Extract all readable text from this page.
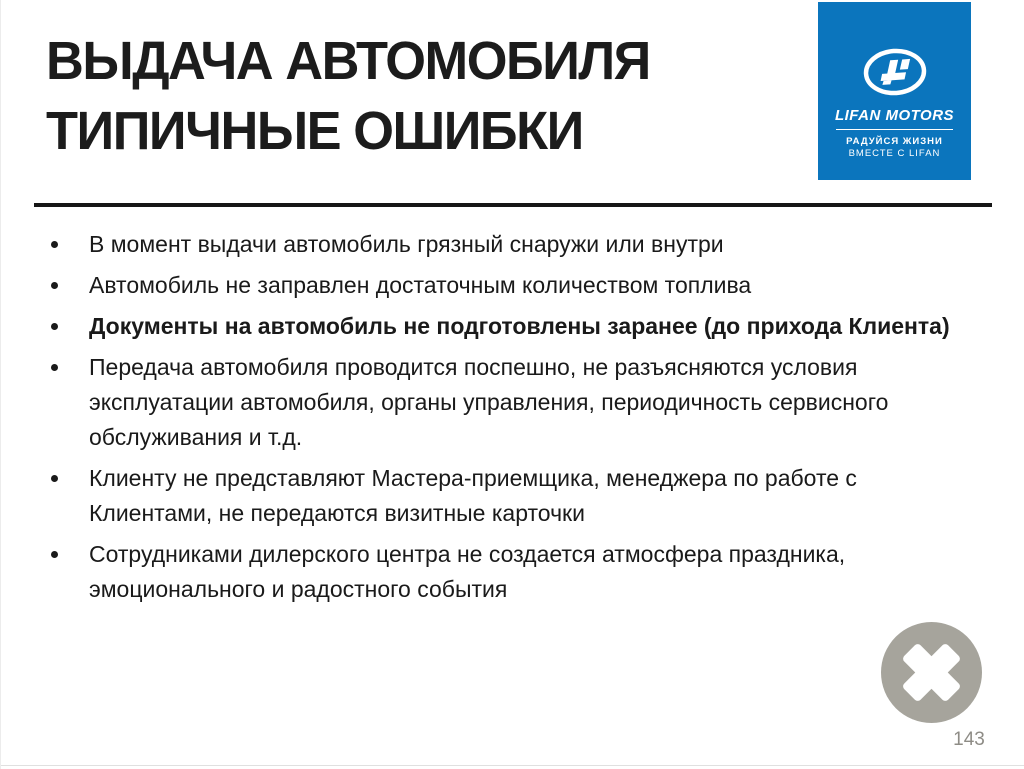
ВЫДАЧА АВТОМОБИЛЯ
ТИПИЧНЫЕ ОШИБКИ	LIFAN MOTORS
РАДУЙСЯ ЖИЗНИ
ВМЕСТЕ С LIFAN
В момент выдачи автомобиль грязный снаружи или внутри
Автомобиль не заправлен достаточным количеством топлива
Документы на автомобиль не подготовлены заранее (до прихода Клиента)
Передача автомобиля проводится поспешно, не разъясняются условия эксплуатации автомобиля, органы управления, периодичность сервисного обслуживания и т.д.
Клиенту не представляют Мастера-приемщика, менеджера по работе с Клиентами, не передаются визитные карточки
Сотрудниками дилерского центра не создается атмосфера праздника, эмоционального и радостного события
143
